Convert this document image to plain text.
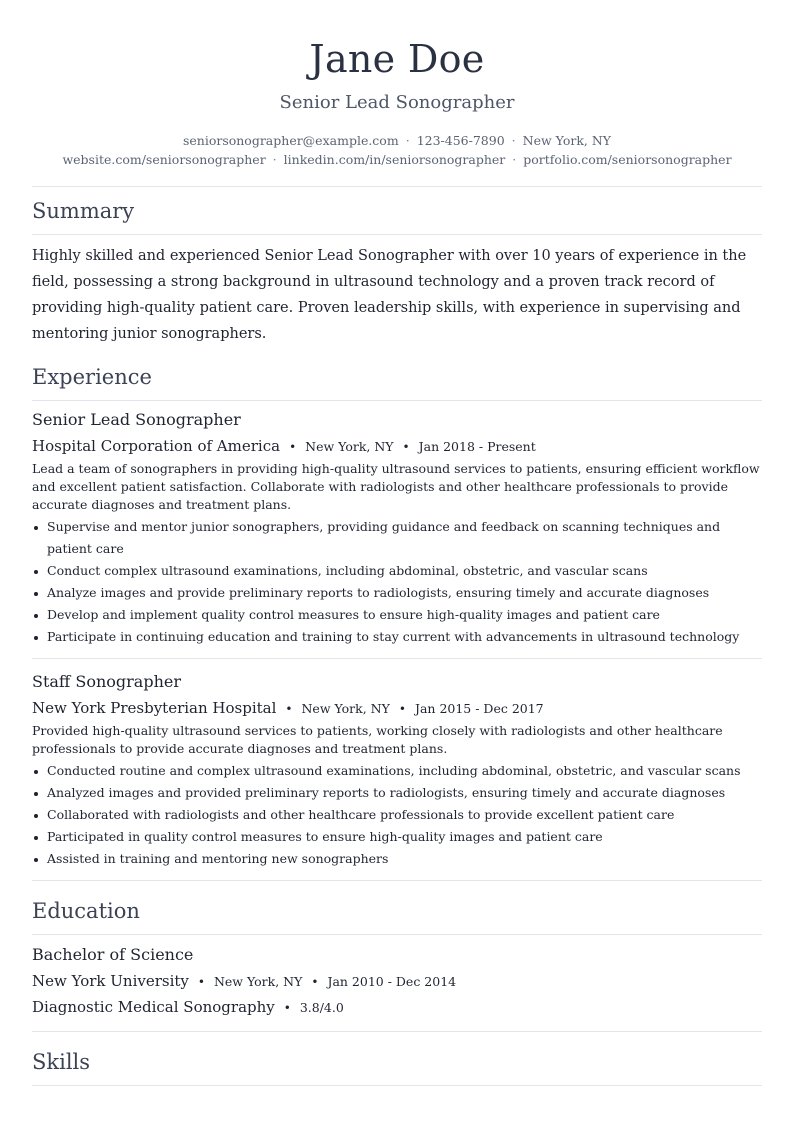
Jane Doe
Senior Lead Sonographer
seniorsonographer@example.com · 123-456-7890 · New York, NY
website.com/seniorsonographer · linkedin.com/in/seniorsonographer · portfolio.com/seniorsonographer
Summary

Highly skilled and experienced Senior Lead Sonographer with over 10 years of experience in the field, possessing a strong background in ultrasound technology and a proven track record of providing high-quality patient care. Proven leadership skills, with experience in supervising and mentoring junior sonographers.

Experience
Senior Lead Sonographer
Hospital Corporation of America • New York, NY • Jan 2018 - Present

Lead a team of sonographers in providing high-quality ultrasound services to patients, ensuring efficient workflow and excellent patient satisfaction. Collaborate with radiologists and other healthcare professionals to provide accurate diagnoses and treatment plans.

Supervise and mentor junior sonographers, providing guidance and feedback on scanning techniques and patient care
Conduct complex ultrasound examinations, including abdominal, obstetric, and vascular scans
Analyze images and provide preliminary reports to radiologists, ensuring timely and accurate diagnoses
Develop and implement quality control measures to ensure high-quality images and patient care
Participate in continuing education and training to stay current with advancements in ultrasound technology
Staff Sonographer
New York Presbyterian Hospital • New York, NY • Jan 2015 - Dec 2017

Provided high-quality ultrasound services to patients, working closely with radiologists and other healthcare professionals to provide accurate diagnoses and treatment plans.

Conducted routine and complex ultrasound examinations, including abdominal, obstetric, and vascular scans
Analyzed images and provided preliminary reports to radiologists, ensuring timely and accurate diagnoses
Collaborated with radiologists and other healthcare professionals to provide excellent patient care
Participated in quality control measures to ensure high-quality images and patient care
Assisted in training and mentoring new sonographers
Education
Bachelor of Science
New York University • New York, NY • Jan 2010 - Dec 2014
Diagnostic Medical Sonography • 3.8/4.0
Skills
